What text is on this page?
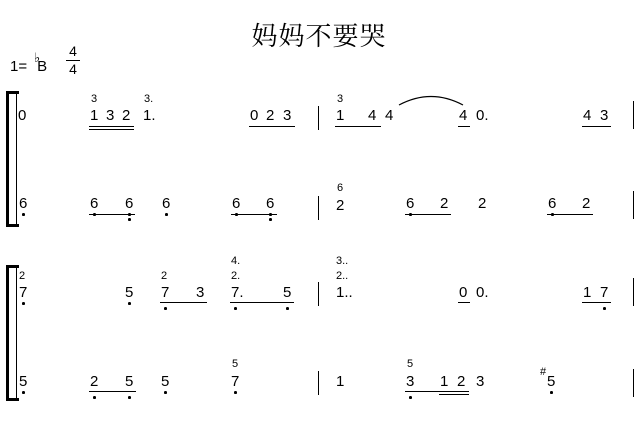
妈妈不要哭
1= B
♭ 4
4
0	1 3 2 1.	0 2 3	1 4 4	4 0.	4 3
3	3.	3
6	6 6 6	6 6	2	6 2 2	6 2
6
7	5 7 3 7.	5	1..	0 0.	1 7
2	2	2.
4.
2..
3..
5	2 5 5	7	1	3 1 2 3	5
#
5	5
